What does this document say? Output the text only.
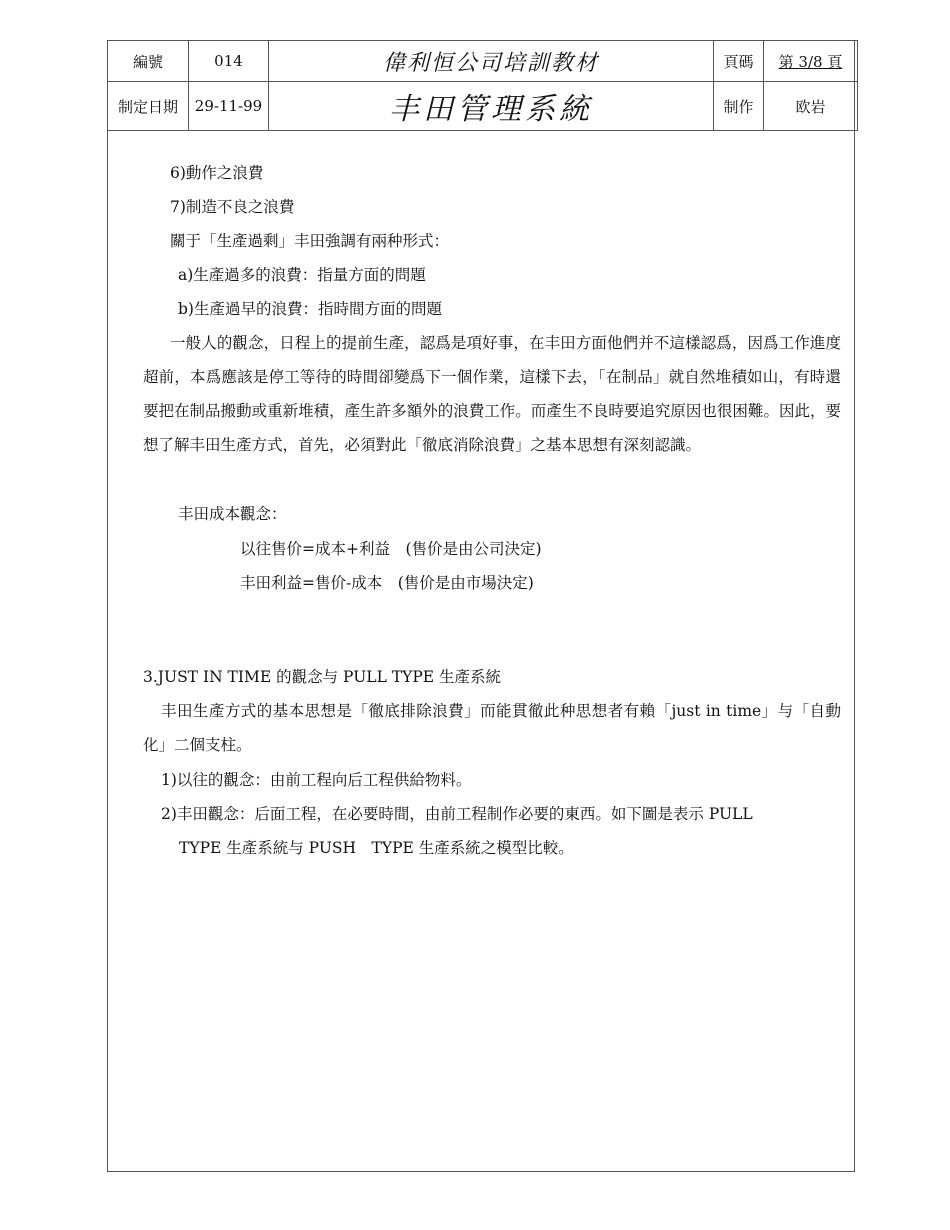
編號	014	偉利恒公司培訓教材	頁碼	第 3/8 頁
制定日期	29-11-99	丰田管理系統	制作	欧岩
6)動作之浪費
7)制造不良之浪費
關于「生產過剩」丰田強調有兩种形式：
a)生產過多的浪費：指量方面的問題
b)生產過早的浪費：指時間方面的問題
一般人的觀念，日程上的提前生產，認爲是項好事，在丰田方面他們并不這樣認爲，因爲工作進度超前，本爲應該是停工等待的時間卻變爲下一個作業，這樣下去，「在制品」就自然堆積如山，有時還要把在制品搬動或重新堆積，產生許多額外的浪費工作。而產生不良時要追究原因也很困難。因此，要想了解丰田生產方式，首先，必須對此「徹底消除浪費」之基本思想有深刻認識。
丰田成本觀念：
以往售价=成本+利益　(售价是由公司決定)
丰田利益=售价-成本　(售价是由市場決定)
3.JUST IN TIME 的觀念与 PULL TYPE 生產系統
丰田生產方式的基本思想是「徹底排除浪費」而能貫徹此种思想者有賴「just in time」与「自動化」二個支柱。
1)以往的觀念：由前工程向后工程供給物料。
2)丰田觀念：后面工程，在必要時間，由前工程制作必要的東西。如下圖是表示 PULL
TYPE 生產系統与 PUSH　TYPE 生產系統之模型比較。
